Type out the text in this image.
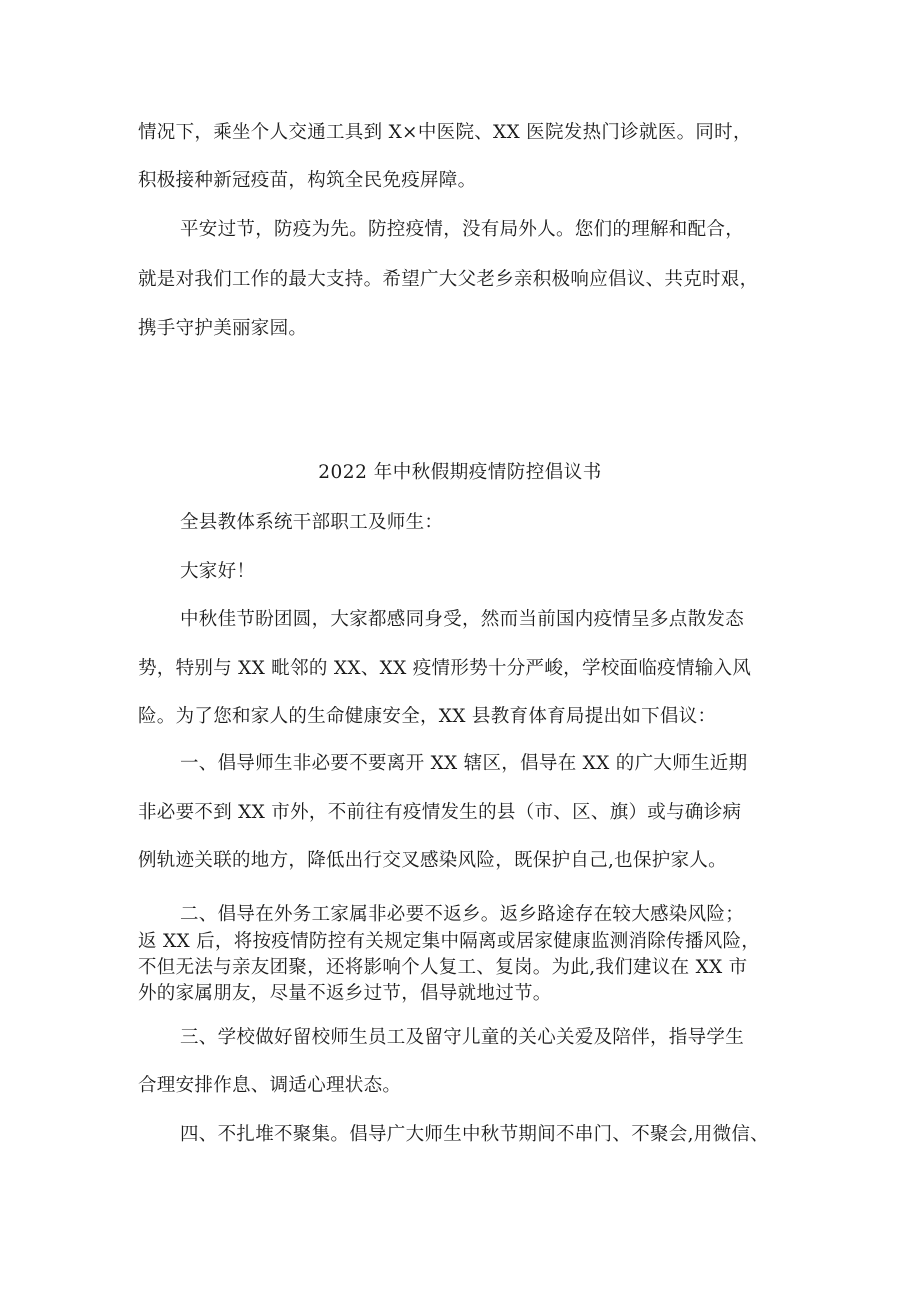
情况下，乘坐个人交通工具到 X×中医院、XX 医院发热门诊就医。同时，
积极接种新冠疫苗，构筑全民免疫屏障。
平安过节，防疫为先。防控疫情，没有局外人。您们的理解和配合，
就是对我们工作的最大支持。希望广大父老乡亲积极响应倡议、共克时艰，
携手守护美丽家园。
2022 年中秋假期疫情防控倡议书
全县教体系统干部职工及师生：
大家好！
中秋佳节盼团圆，大家都感同身受，然而当前国内疫情呈多点散发态
势，特别与 XX 毗邻的 XX、XX 疫情形势十分严峻，学校面临疫情输入风
险。为了您和家人的生命健康安全，XX 县教育体育局提出如下倡议：
一、倡导师生非必要不要离开 XX 辖区，倡导在 XX 的广大师生近期
非必要不到 XX 市外，不前往有疫情发生的县（市、区、旗）或与确诊病
例轨迹关联的地方，降低出行交叉感染风险，既保护自己,也保护家人。
二、倡导在外务工家属非必要不返乡。返乡路途存在较大感染风险；
返 XX 后，将按疫情防控有关规定集中隔离或居家健康监测消除传播风险，
不但无法与亲友团聚，还将影响个人复工、复岗。为此,我们建议在 XX 市
外的家属朋友，尽量不返乡过节，倡导就地过节。
三、学校做好留校师生员工及留守儿童的关心关爱及陪伴，指导学生
合理安排作息、调适心理状态。
四、不扎堆不聚集。倡导广大师生中秋节期间不串门、不聚会,用微信、
